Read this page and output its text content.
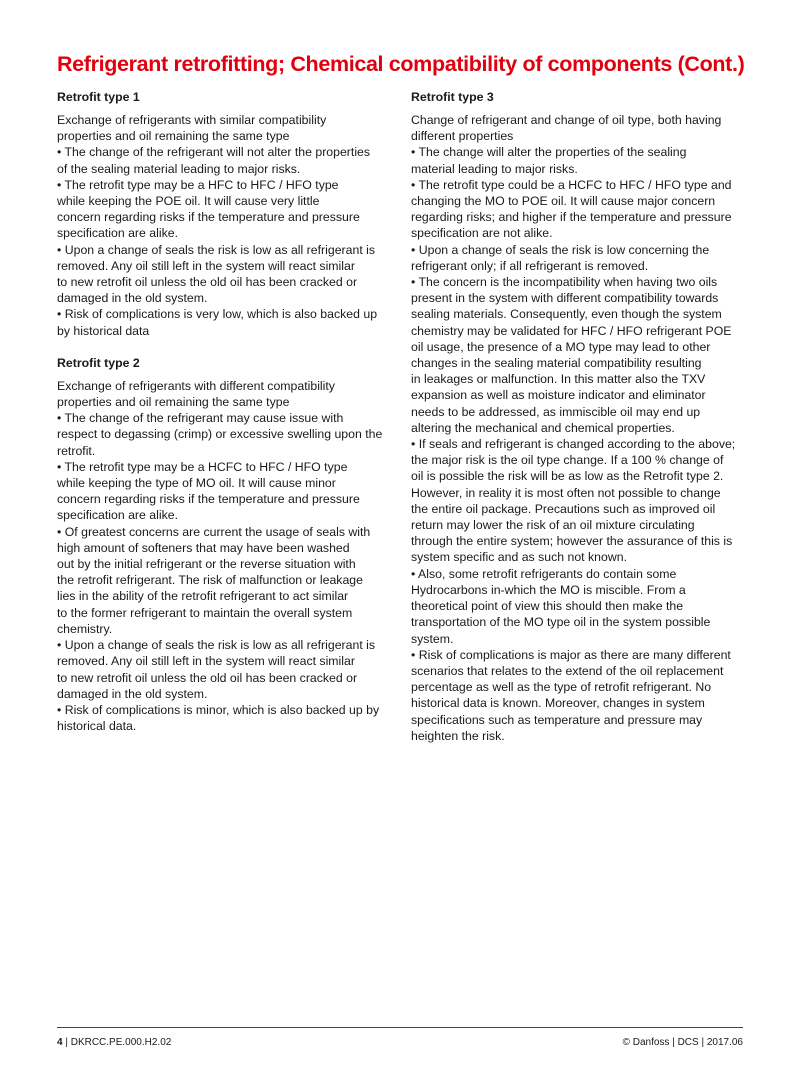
Refrigerant retrofitting; Chemical compatibility of components (Cont.)
Retrofit type 1
Exchange of refrigerants with similar compatibility
properties and oil remaining the same type
• The change of the refrigerant will not alter the properties
of the sealing material leading to major risks.
• The retrofit type may be a HFC to HFC / HFO type
while keeping the POE oil. It will cause very little
concern regarding risks if the temperature and pressure
specification are alike.
• Upon a change of seals the risk is low as all refrigerant is
removed. Any oil still left in the system will react similar
to new retrofit oil unless the old oil has been cracked or
damaged in the old system.
• Risk of complications is very low, which is also backed up
by historical data
Retrofit type 2
Exchange of refrigerants with different compatibility
properties and oil remaining the same type
• The change of the refrigerant may cause issue with
respect to degassing (crimp) or excessive swelling upon the
retrofit.
• The retrofit type may be a HCFC to HFC / HFO type
while keeping the type of MO oil. It will cause minor
concern regarding risks if the temperature and pressure
specification are alike.
• Of greatest concerns are current the usage of seals with
high amount of softeners that may have been washed
out by the initial refrigerant or the reverse situation with
the retrofit refrigerant. The risk of malfunction or leakage
lies in the ability of the retrofit refrigerant to act similar
to the former refrigerant to maintain the overall system
chemistry.
• Upon a change of seals the risk is low as all refrigerant is
removed. Any oil still left in the system will react similar
to new retrofit oil unless the old oil has been cracked or
damaged in the old system.
• Risk of complications is minor, which is also backed up by
historical data.
Retrofit type 3
Change of refrigerant and change of oil type, both having
different properties
• The change will alter the properties of the sealing
material leading to major risks.
• The retrofit type could be a HCFC to HFC / HFO type and
changing the MO to POE oil. It will cause major concern
regarding risks; and higher if the temperature and pressure
specification are not alike.
• Upon a change of seals the risk is low concerning the
refrigerant only; if all refrigerant is removed.
• The concern is the incompatibility when having two oils
present in the system with different compatibility towards
sealing materials. Consequently, even though the system
chemistry may be validated for HFC / HFO refrigerant POE
oil usage, the presence of a MO type may lead to other
changes in the sealing material compatibility resulting
in leakages or malfunction. In this matter also the TXV
expansion as well as moisture indicator and eliminator
needs to be addressed, as immiscible oil may end up
altering the mechanical and chemical properties.
• If seals and refrigerant is changed according to the above;
the major risk is the oil type change. If a 100 % change of
oil is possible the risk will be as low as the Retrofit type 2.
However, in reality it is most often not possible to change
the entire oil package. Precautions such as improved oil
return may lower the risk of an oil mixture circulating
through the entire system; however the assurance of this is
system specific and as such not known.
• Also, some retrofit refrigerants do contain some
Hydrocarbons in-which the MO is miscible. From a
theoretical point of view this should then make the
transportation of the MO type oil in the system possible
system.
• Risk of complications is major as there are many different
scenarios that relates to the extend of the oil replacement
percentage as well as the type of retrofit refrigerant. No
historical data is known. Moreover, changes in system
specifications such as temperature and pressure may
heighten the risk.
4 | DKRCC.PE.000.H2.02	© Danfoss | DCS | 2017.06
